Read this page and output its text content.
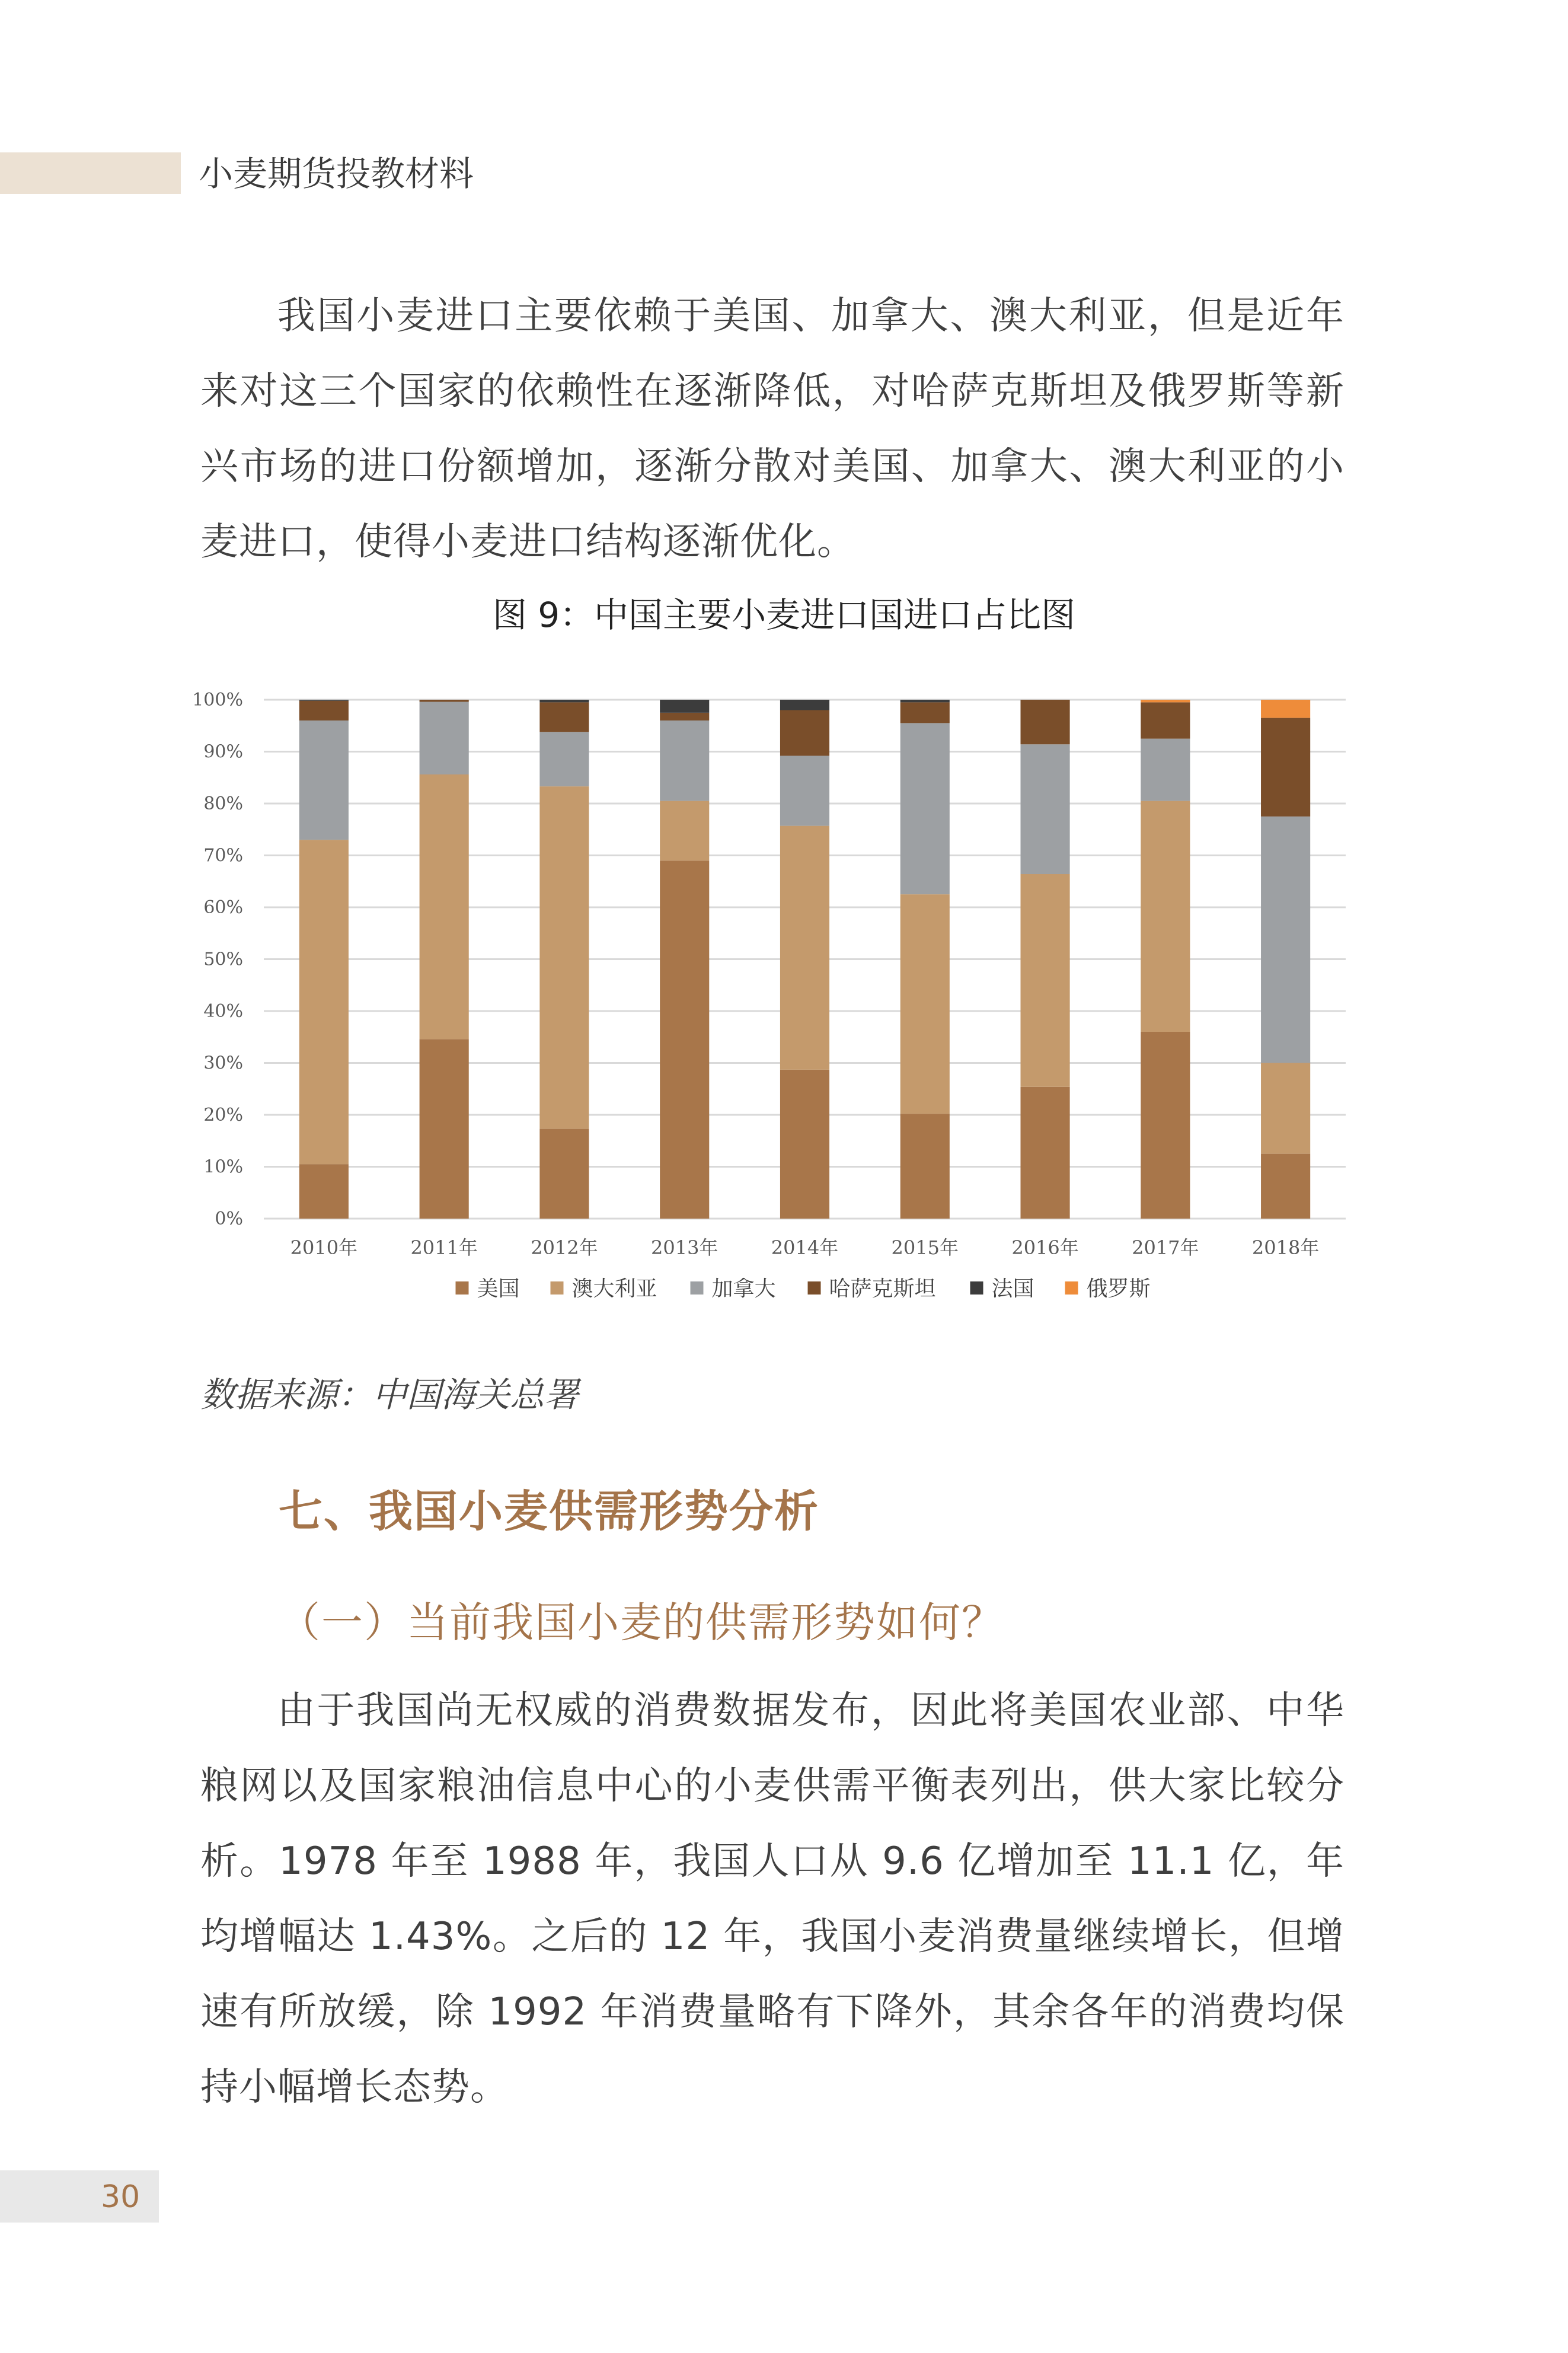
小麦期货投教材料
我国小麦进口主要依赖于美国、加拿大、澳大利亚，但是近年来对这三个国家的依赖性在逐渐降低，对哈萨克斯坦及俄罗斯等新兴市场的进口份额增加，逐渐分散对美国、加拿大、澳大利亚的小麦进口，使得小麦进口结构逐渐优化。
图 9：中国主要小麦进口国进口占比图
0%
10%
20%
30%
40%
50%
60%
70%
80%
90%
100%
2010年	2011年	2012年	2013年	2014年	2015年	2016年	2017年	2018年
美国 澳大利亚	加拿大 哈萨克斯坦	法国 俄罗斯
数据来源：中国海关总署
七、我国小麦供需形势分析
（一）当前我国小麦的供需形势如何？
由于我国尚无权威的消费数据发布，因此将美国农业部、中华粮网以及国家粮油信息中心的小麦供需平衡表列出，供大家比较分析。1978 年至 1988 年，我国人口从 9.6 亿增加至 11.1 亿，年均增幅达 1.43%。之后的 12 年，我国小麦消费量继续增长，但增速有所放缓，除 1992 年消费量略有下降外，其余各年的消费均保持小幅增长态势。
30
